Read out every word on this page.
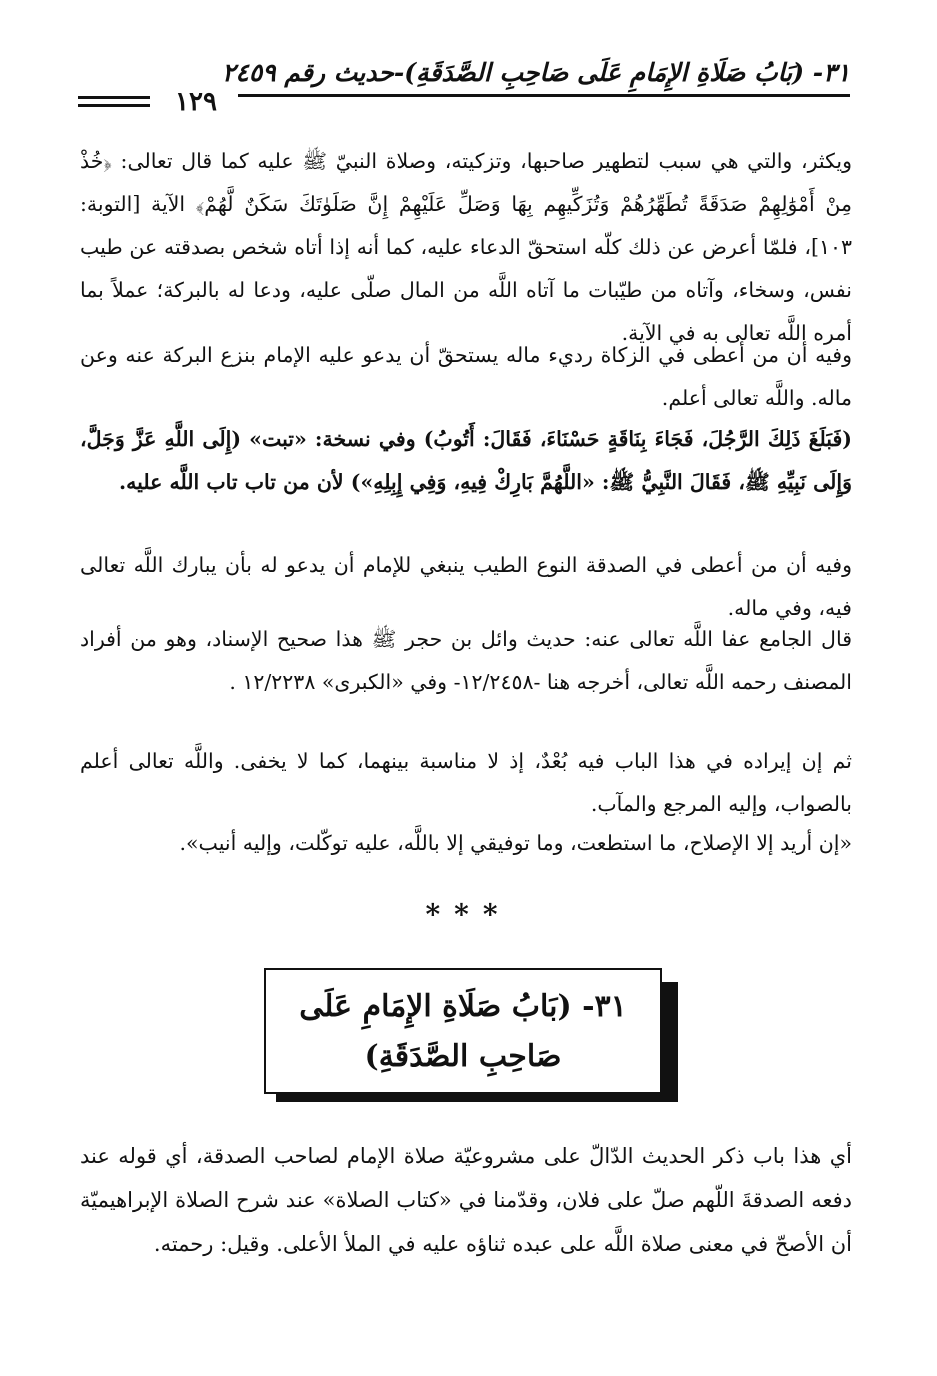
٣١- (بَابُ صَلَاةِ الإِمَامِ عَلَى صَاحِبِ الصَّدَقَةِ)-حديث رقم ٢٤٥٩
١٢٩
ويكثر، والتي هي سبب لتطهير صاحبها، وتزكيته، وصلاة النبيّ ﷺ عليه كما قال تعالى: ﴿خُذْ مِنْ أَمْوَٰلِهِمْ صَدَقَةً تُطَهِّرُهُمْ وَتُزَكِّيهِم بِهَا وَصَلِّ عَلَيْهِمْ إِنَّ صَلَوٰتَكَ سَكَنٌ لَّهُمْ﴾ الآية [التوبة: ١٠٣]، فلمّا أعرض عن ذلك كلّه استحقّ الدعاء عليه، كما أنه إذا أتاه شخص بصدقته عن طيب نفس، وسخاء، وآتاه من طيّبات ما آتاه اللَّه من المال صلّى عليه، ودعا له بالبركة؛ عملاً بما أمره اللَّه تعالى به في الآية.
وفيه أن من أعطى في الزكاة رديء ماله يستحقّ أن يدعو عليه الإمام بنزع البركة عنه وعن ماله. واللَّه تعالى أعلم.
(فَبَلَغَ ذَلِكَ الرَّجُلَ، فَجَاءَ بِنَاقَةٍ حَسْنَاءَ، فَقَالَ: أَتُوبُ) وفي نسخة: «تبت» (إِلَى اللَّهِ عَزَّ وَجَلَّ، وَإِلَى نَبِيِّهِ ﷺ، فَقَالَ النَّبِيُّ ﷺ: «اللَّهُمَّ بَارِكْ فِيهِ، وَفِي إِبِلِهِ») لأن من تاب تاب اللَّه عليه.
وفيه أن من أعطى في الصدقة النوع الطيب ينبغي للإمام أن يدعو له بأن يبارك اللَّه تعالى فيه، وفي ماله.
قال الجامع عفا اللَّه تعالى عنه: حديث وائل بن حجر ﷺ هذا صحيح الإسناد، وهو من أفراد المصنف رحمه اللَّه تعالى، أخرجه هنا -١٢/٢٤٥٨- وفي «الكبرى» ١٢/٢٢٣٨ .
ثم إن إيراده في هذا الباب فيه بُعْدٌ، إذ لا مناسبة بينهما، كما لا يخفى. واللَّه تعالى أعلم بالصواب، وإليه المرجع والمآب.
«إن أريد إلا الإصلاح، ما استطعت، وما توفيقي إلا باللَّه، عليه توكّلت، وإليه أنيب».
***
٣١- (بَابُ صَلَاةِ الإِمَامِ عَلَى
صَاحِبِ الصَّدَقَةِ)
أي هذا باب ذكر الحديث الدّالّ على مشروعيّة صلاة الإمام لصاحب الصدقة، أي قوله عند دفعه الصدقةَ اللّهم صلّ على فلان، وقدّمنا في «كتاب الصلاة» عند شرح الصلاة الإبراهيميّة أن الأصحّ في معنى صلاة اللَّه على عبده ثناؤه عليه في الملأ الأعلى. وقيل: رحمته.
